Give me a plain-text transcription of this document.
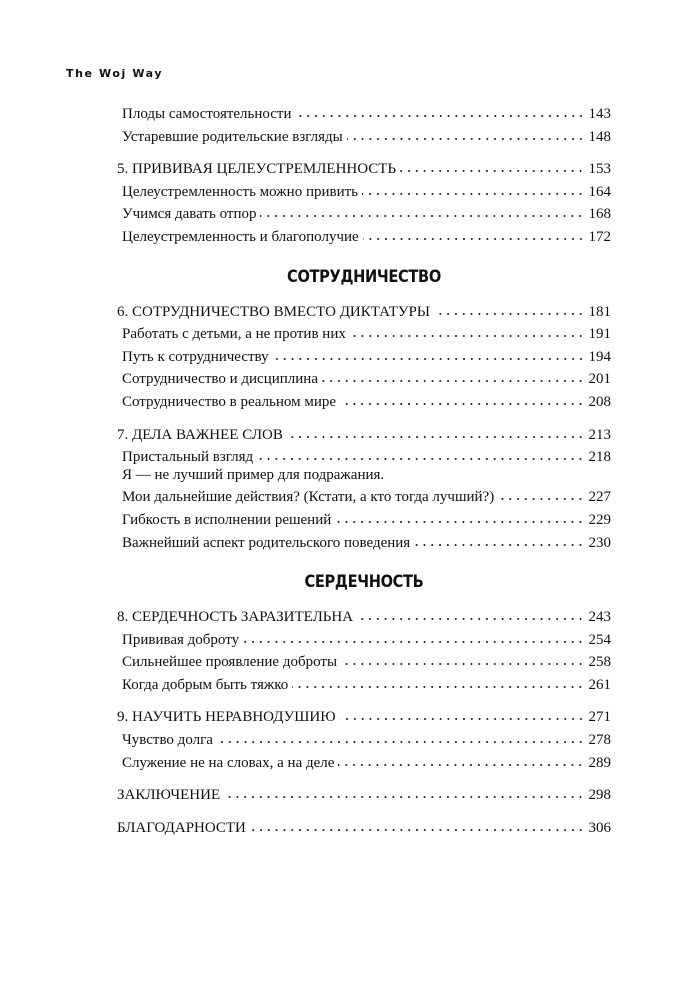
The Woj Way
Плоды самостоятельности	143
Устаревшие родительские взгляды	148
5. ПРИВИВАЯ ЦЕЛЕУСТРЕМЛЕННОСТЬ	153
Целеустремленность можно привить	164
Учимся давать отпор	168
Целеустремленность и благополучие	172
СОТРУДНИЧЕСТВО
6. СОТРУДНИЧЕСТВО ВМЕСТО ДИКТАТУРЫ	181
Работать с детьми, а не против них	191
Путь к сотрудничеству	194
Сотрудничество и дисциплина	201
Сотрудничество в реальном мире	208
7. ДЕЛА ВАЖНЕЕ СЛОВ	213
Пристальный взгляд	218
Я — не лучший пример для подражания.
Мои дальнейшие действия? (Кстати, а кто тогда лучший?)	227
Гибкость в исполнении решений	229
Важнейший аспект родительского поведения	230
СЕРДЕЧНОСТЬ
8. СЕРДЕЧНОСТЬ ЗАРАЗИТЕЛЬНА	243
Прививая доброту	254
Сильнейшее проявление доброты	258
Когда добрым быть тяжко	261
9. НАУЧИТЬ НЕРАВНОДУШИЮ	271
Чувство долга	278
Служение не на словах, а на деле	289
ЗАКЛЮЧЕНИЕ	298
БЛАГОДАРНОСТИ	306
